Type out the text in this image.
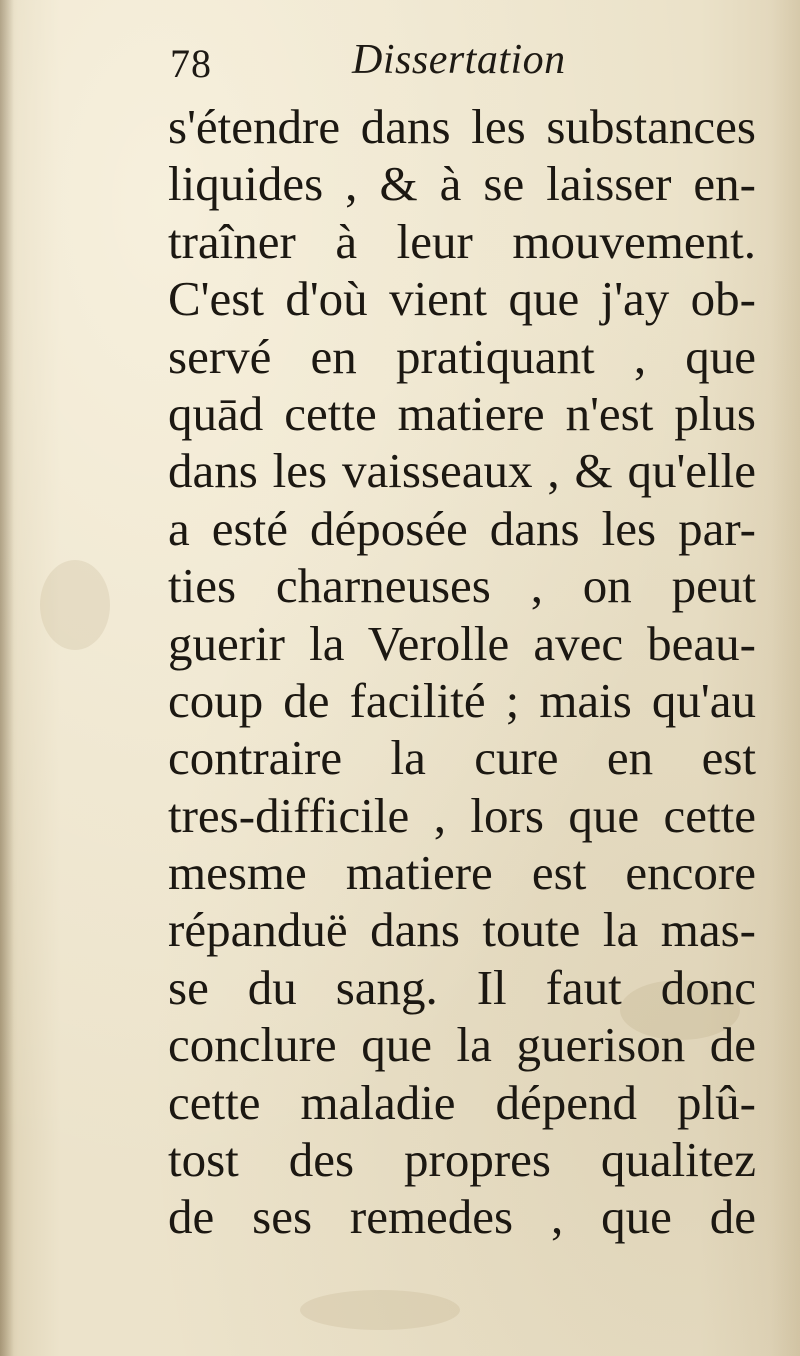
78	Dissertation
s'étendre dans les substances
liquides , & à se laisser en-
traîner à leur mouvement.
C'est d'où vient que j'ay ob-
servé en pratiquant , que
quād cette matiere n'est plus
dans les vaisseaux , & qu'elle
a esté déposée dans les par-
ties charneuses , on peut
guerir la Verolle avec beau-
coup de facilité ; mais qu'au
contraire la cure en est
tres-difficile , lors que cette
mesme matiere est encore
répanduë dans toute la mas-
se du sang. Il faut donc
conclure que la guerison de
cette maladie dépend plû-
tost des propres qualitez
de ses remedes , que de
